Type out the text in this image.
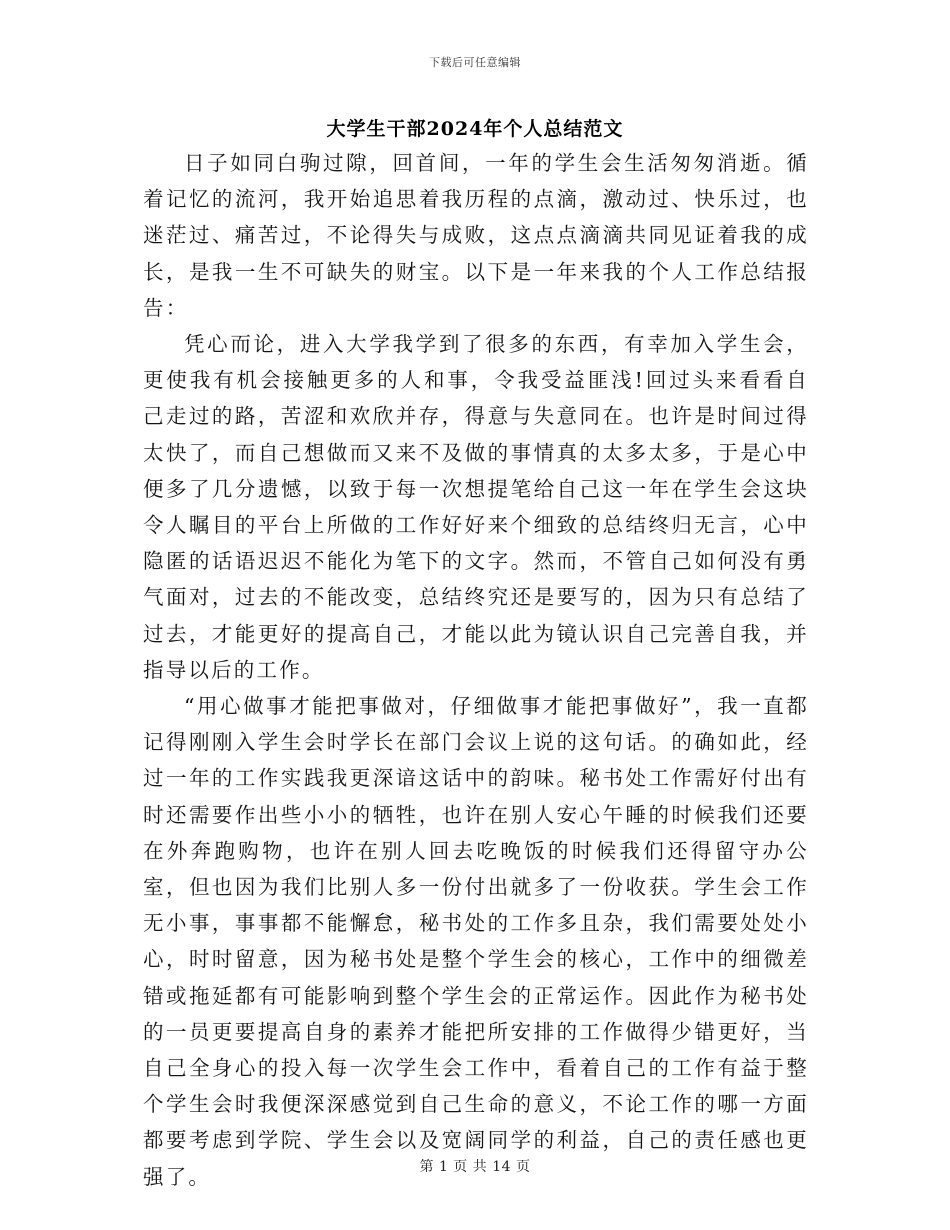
下载后可任意编辑
大学生干部2024年个人总结范文

日子如同白驹过隙，回首间，一年的学生会生活匆匆消逝。循着记忆的流河，我开始追思着我历程的点滴，激动过、快乐过，也迷茫过、痛苦过，不论得失与成败，这点点滴滴共同见证着我的成长，是我一生不可缺失的财宝。以下是一年来我的个人工作总结报告：

凭心而论，进入大学我学到了很多的东西，有幸加入学生会，更使我有机会接触更多的人和事，令我受益匪浅!回过头来看看自己走过的路，苦涩和欢欣并存，得意与失意同在。也许是时间过得太快了，而自己想做而又来不及做的事情真的太多太多，于是心中便多了几分遗憾，以致于每一次想提笔给自己这一年在学生会这块令人瞩目的平台上所做的工作好好来个细致的总结终归无言，心中隐匿的话语迟迟不能化为笔下的文字。然而，不管自己如何没有勇气面对，过去的不能改变，总结终究还是要写的，因为只有总结了过去，才能更好的提高自己，才能以此为镜认识自己完善自我，并指导以后的工作。

“用心做事才能把事做对，仔细做事才能把事做好”，我一直都记得刚刚入学生会时学长在部门会议上说的这句话。的确如此，经过一年的工作实践我更深谙这话中的韵味。秘书处工作需好付出有时还需要作出些小小的牺牲，也许在别人安心午睡的时候我们还要在外奔跑购物，也许在别人回去吃晚饭的时候我们还得留守办公室，但也因为我们比别人多一份付出就多了一份收获。学生会工作无小事，事事都不能懈怠，秘书处的工作多且杂，我们需要处处小心，时时留意，因为秘书处是整个学生会的核心，工作中的细微差错或拖延都有可能影响到整个学生会的正常运作。因此作为秘书处的一员更要提高自身的素养才能把所安排的工作做得少错更好，当自己全身心的投入每一次学生会工作中，看着自己的工作有益于整个学生会时我便深深感觉到自己生命的意义，不论工作的哪一方面都要考虑到学院、学生会以及宽阔同学的利益，自己的责任感也更强了。	第 1 页 共 14 页
